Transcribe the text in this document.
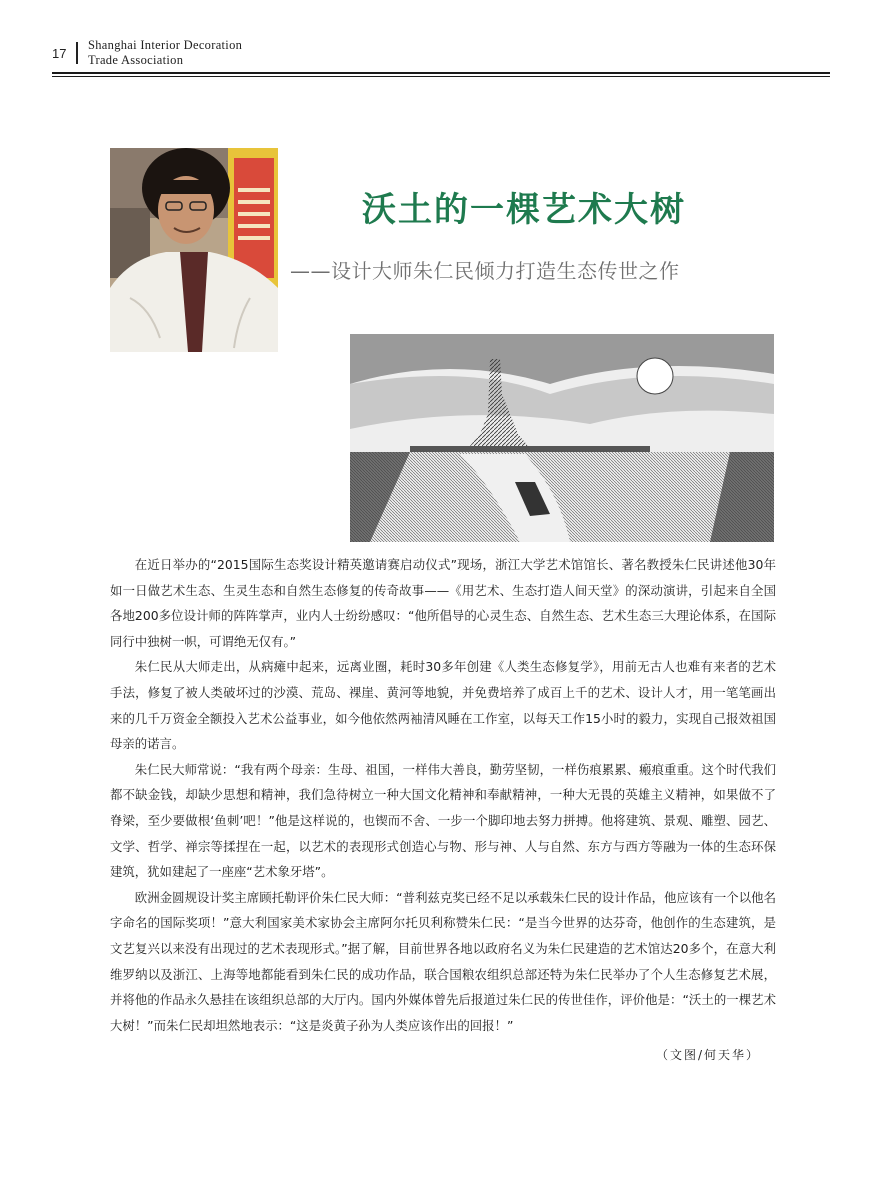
17
Shanghai Interior Decoration
Trade Association
沃土的一棵艺术大树
——设计大师朱仁民倾力打造生态传世之作

在近日举办的“2015国际生态奖设计精英邀请赛启动仪式”现场，浙江大学艺术馆馆长、著名教授朱仁民讲述他30年如一日做艺术生态、生灵生态和自然生态修复的传奇故事——《用艺术、生态打造人间天堂》的深动演讲，引起来自全国各地200多位设计师的阵阵掌声，业内人士纷纷感叹：“他所倡导的心灵生态、自然生态、艺术生态三大理论体系，在国际同行中独树一帜，可谓绝无仅有。”

朱仁民从大师走出，从病瘫中起来，远离业圈，耗时30多年创建《人类生态修复学》，用前无古人也难有来者的艺术手法，修复了被人类破坏过的沙漠、荒岛、裸崖、黄河等地貌，并免费培养了成百上千的艺术、设计人才，用一笔笔画出来的几千万资金全额投入艺术公益事业，如今他依然两袖清风睡在工作室，以每天工作15小时的毅力，实现自己报效祖国母亲的诺言。

朱仁民大师常说：“我有两个母亲：生母、祖国，一样伟大善良，勤劳坚韧，一样伤痕累累、瘢痕重重。这个时代我们都不缺金钱，却缺少思想和精神，我们急待树立一种大国文化精神和奉献精神，一种大无畏的英雄主义精神，如果做不了脊梁，至少要做根‘鱼刺’吧！”他是这样说的，也锲而不舍、一步一个脚印地去努力拼搏。他将建筑、景观、雕塑、园艺、文学、哲学、禅宗等揉捏在一起，以艺术的表现形式创造心与物、形与神、人与自然、东方与西方等融为一体的生态环保建筑，犹如建起了一座座“艺术象牙塔”。

欧洲金圆规设计奖主席顾托勒评价朱仁民大师：“普利兹克奖已经不足以承载朱仁民的设计作品，他应该有一个以他名字命名的国际奖项！”意大利国家美术家协会主席阿尔托贝利称赞朱仁民：“是当今世界的达芬奇，他创作的生态建筑，是文艺复兴以来没有出现过的艺术表现形式。”据了解，目前世界各地以政府名义为朱仁民建造的艺术馆达20多个，在意大利维罗纳以及浙江、上海等地都能看到朱仁民的成功作品，联合国粮农组织总部还特为朱仁民举办了个人生态修复艺术展，并将他的作品永久悬挂在该组织总部的大厅内。国内外媒体曾先后报道过朱仁民的传世佳作，评价他是：“沃土的一棵艺术大树！”而朱仁民却坦然地表示：“这是炎黄子孙为人类应该作出的回报！”

（文图/何天华）
